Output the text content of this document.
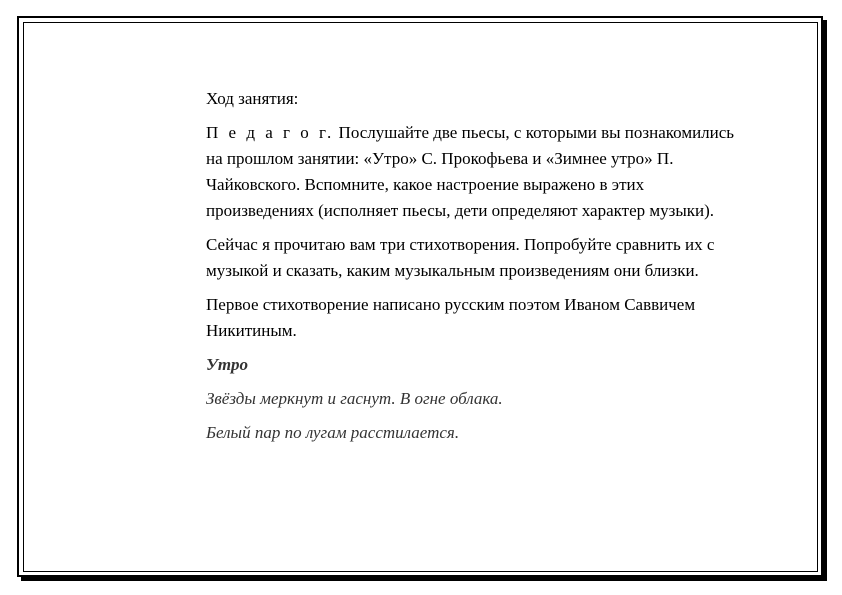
Ход занятия:

П е д а г о г. Послушайте две пьесы, с которыми вы познакомились на прошлом занятии: «Утро» С. Прокофьева и «Зимнее утро» П. Чайковского. Вспомните, какое настроение выражено в этих произведениях (исполняет пьесы, дети определяют характер музыки).

Сейчас я прочитаю вам три стихотворения. Попробуйте сравнить их с музыкой и сказать, каким музыкальным произведениям они близки.

Первое стихотворение написано русским поэтом Иваном Саввичем Никитиным.

Утро

Звёзды меркнут и гаснут. В огне облака.

Белый пар по лугам расстилается.
